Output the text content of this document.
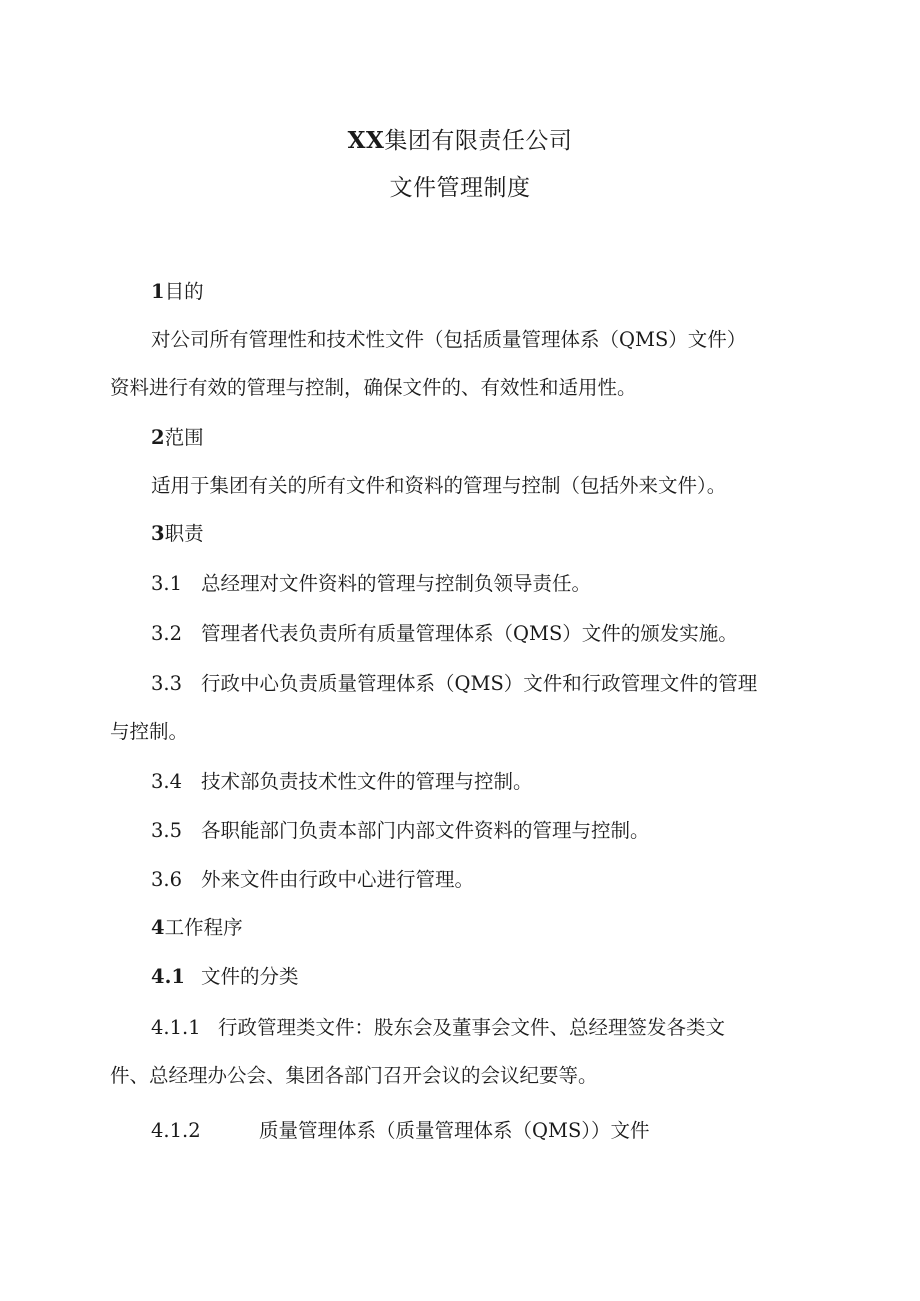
XX集团有限责任公司
文件管理制度
1目的
对公司所有管理性和技术性文件（包括质量管理体系（QMS）文件）
资料进行有效的管理与控制，确保文件的、有效性和适用性。
2范围
适用于集团有关的所有文件和资料的管理与控制（包括外来文件）。
3职责
3.1 总经理对文件资料的管理与控制负领导责任。
3.2 管理者代表负责所有质量管理体系（QMS）文件的颁发实施。
3.3 行政中心负责质量管理体系（QMS）文件和行政管理文件的管理
与控制。
3.4 技术部负责技术性文件的管理与控制。
3.5 各职能部门负责本部门内部文件资料的管理与控制。
3.6 外来文件由行政中心进行管理。
4工作程序
4.1 文件的分类
4.1.1 行政管理类文件：股东会及董事会文件、总经理签发各类文
件、总经理办公会、集团各部门召开会议的会议纪要等。
4.1.2	质量管理体系（质量管理体系（QMS））文件
